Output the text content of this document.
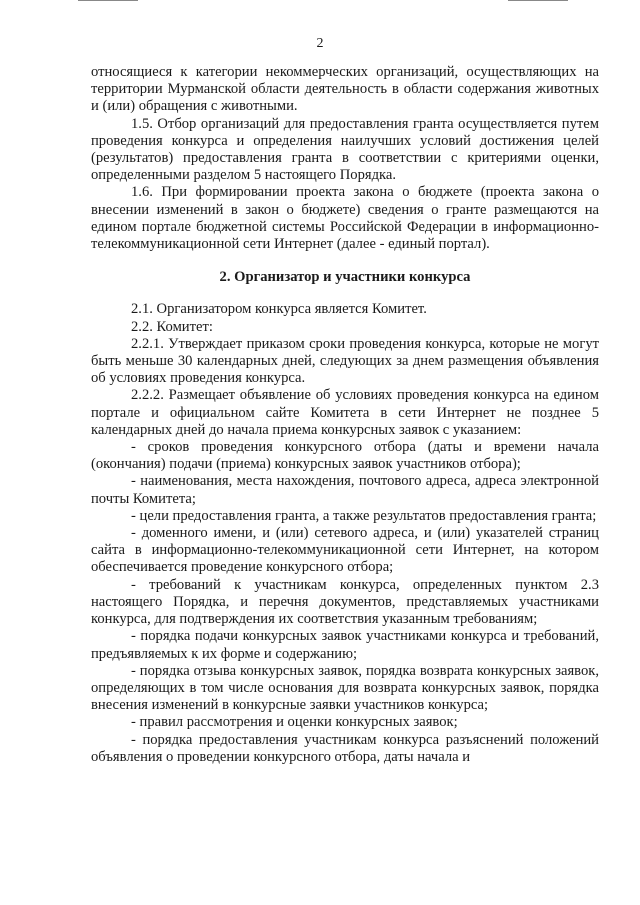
2

относящиеся к категории некоммерческих организаций, осуществляющих на территории Мурманской области деятельность в области содержания животных и (или) обращения с животными.

1.5. Отбор организаций для предоставления гранта осуществляется путем проведения конкурса и определения наилучших условий достижения целей (результатов) предоставления гранта в соответствии с критериями оценки, определенными разделом 5 настоящего Порядка.

1.6. При формировании проекта закона о бюджете (проекта закона о внесении изменений в закон о бюджете) сведения о гранте размещаются на едином портале бюджетной системы Российской Федерации в информационно-телекоммуникационной сети Интернет (далее - единый портал).

2. Организатор и участники конкурса

2.1. Организатором конкурса является Комитет.

2.2. Комитет:

2.2.1. Утверждает приказом сроки проведения конкурса, которые не могут быть меньше 30 календарных дней, следующих за днем размещения объявления об условиях проведения конкурса.

2.2.2. Размещает объявление об условиях проведения конкурса на едином портале и официальном сайте Комитета в сети Интернет не позднее 5 календарных дней до начала приема конкурсных заявок с указанием:

- сроков проведения конкурсного отбора (даты и времени начала (окончания) подачи (приема) конкурсных заявок участников отбора);

- наименования, места нахождения, почтового адреса, адреса электронной почты Комитета;

- цели предоставления гранта, а также результатов предоставления гранта;

- доменного имени, и (или) сетевого адреса, и (или) указателей страниц сайта в информационно-телекоммуникационной сети Интернет, на котором обеспечивается проведение конкурсного отбора;

- требований к участникам конкурса, определенных пунктом 2.3 настоящего Порядка, и перечня документов, представляемых участниками конкурса, для подтверждения их соответствия указанным требованиям;

- порядка подачи конкурсных заявок участниками конкурса и требований, предъявляемых к их форме и содержанию;

- порядка отзыва конкурсных заявок, порядка возврата конкурсных заявок, определяющих в том числе основания для возврата конкурсных заявок, порядка внесения изменений в конкурсные заявки участников конкурса;

- правил рассмотрения и оценки конкурсных заявок;

- порядка предоставления участникам конкурса разъяснений положений объявления о проведении конкурсного отбора, даты начала и
